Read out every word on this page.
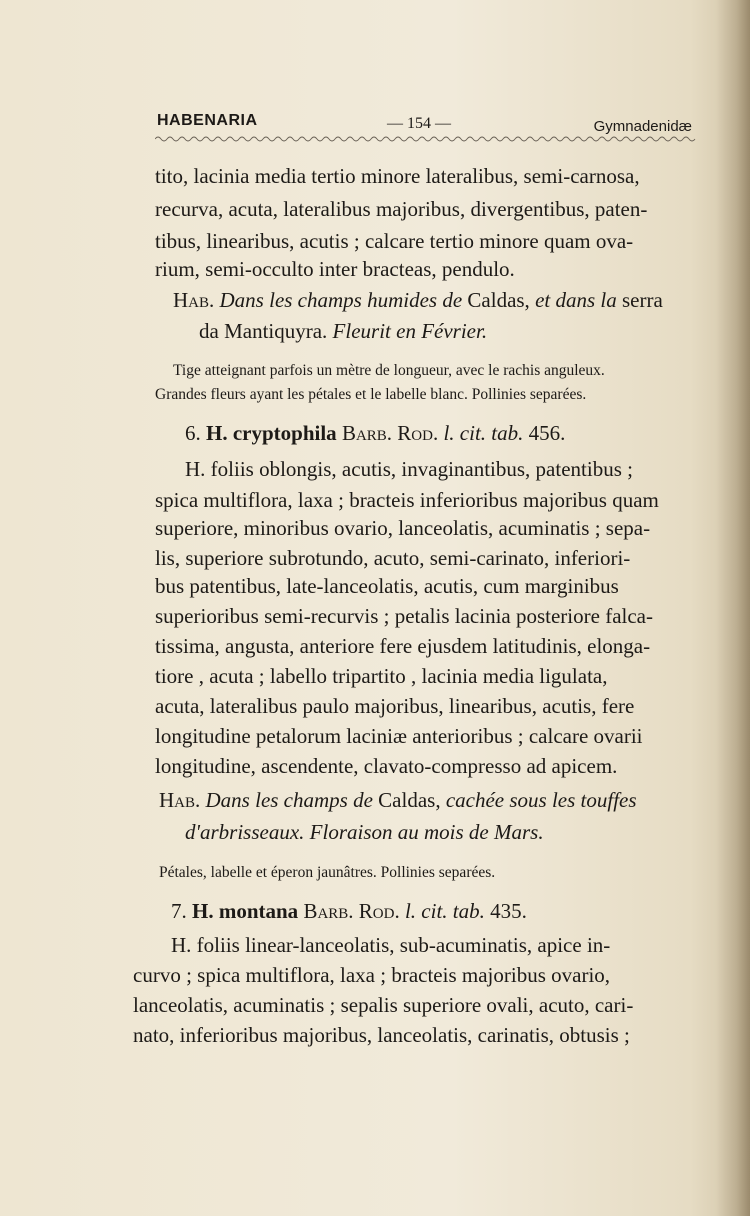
HABENARIA	— 154 —	Gymnadenidæ
tito, lacinia media tertio minore lateralibus, semi-carnosa,
recurva, acuta, lateralibus majoribus, divergentibus, paten-
tibus, linearibus, acutis ; calcare tertio minore quam ova-
rium, semi-occulto inter bracteas, pendulo.
Hab. Dans les champs humides de Caldas, et dans la serra
da Mantiquyra. Fleurit en Février.
Tige atteignant parfois un mètre de longueur, avec le rachis anguleux.
Grandes fleurs ayant les pétales et le labelle blanc. Pollinies separées.
6. H. cryptophila Barb. Rod. l. cit. tab. 456.
H. foliis oblongis, acutis, invaginantibus, patentibus ;
spica multiflora, laxa ; bracteis inferioribus majoribus quam
superiore, minoribus ovario, lanceolatis, acuminatis ; sepa-
lis, superiore subrotundo, acuto, semi-carinato, inferiori-
bus patentibus, late-lanceolatis, acutis, cum marginibus
superioribus semi-recurvis ; petalis lacinia posteriore falca-
tissima, angusta, anteriore fere ejusdem latitudinis, elonga-
tiore , acuta ; labello tripartito , lacinia media ligulata,
acuta, lateralibus paulo majoribus, linearibus, acutis, fere
longitudine petalorum laciniæ anterioribus ; calcare ovarii
longitudine, ascendente, clavato-compresso ad apicem.
Hab. Dans les champs de Caldas, cachée sous les touffes
d'arbrisseaux. Floraison au mois de Mars.
Pétales, labelle et éperon jaunâtres. Pollinies separées.
7. H. montana Barb. Rod. l. cit. tab. 435.
H. foliis linear-lanceolatis, sub-acuminatis, apice in-
curvo ; spica multiflora, laxa ; bracteis majoribus ovario,
lanceolatis, acuminatis ; sepalis superiore ovali, acuto, cari-
nato, inferioribus majoribus, lanceolatis, carinatis, obtusis ;
